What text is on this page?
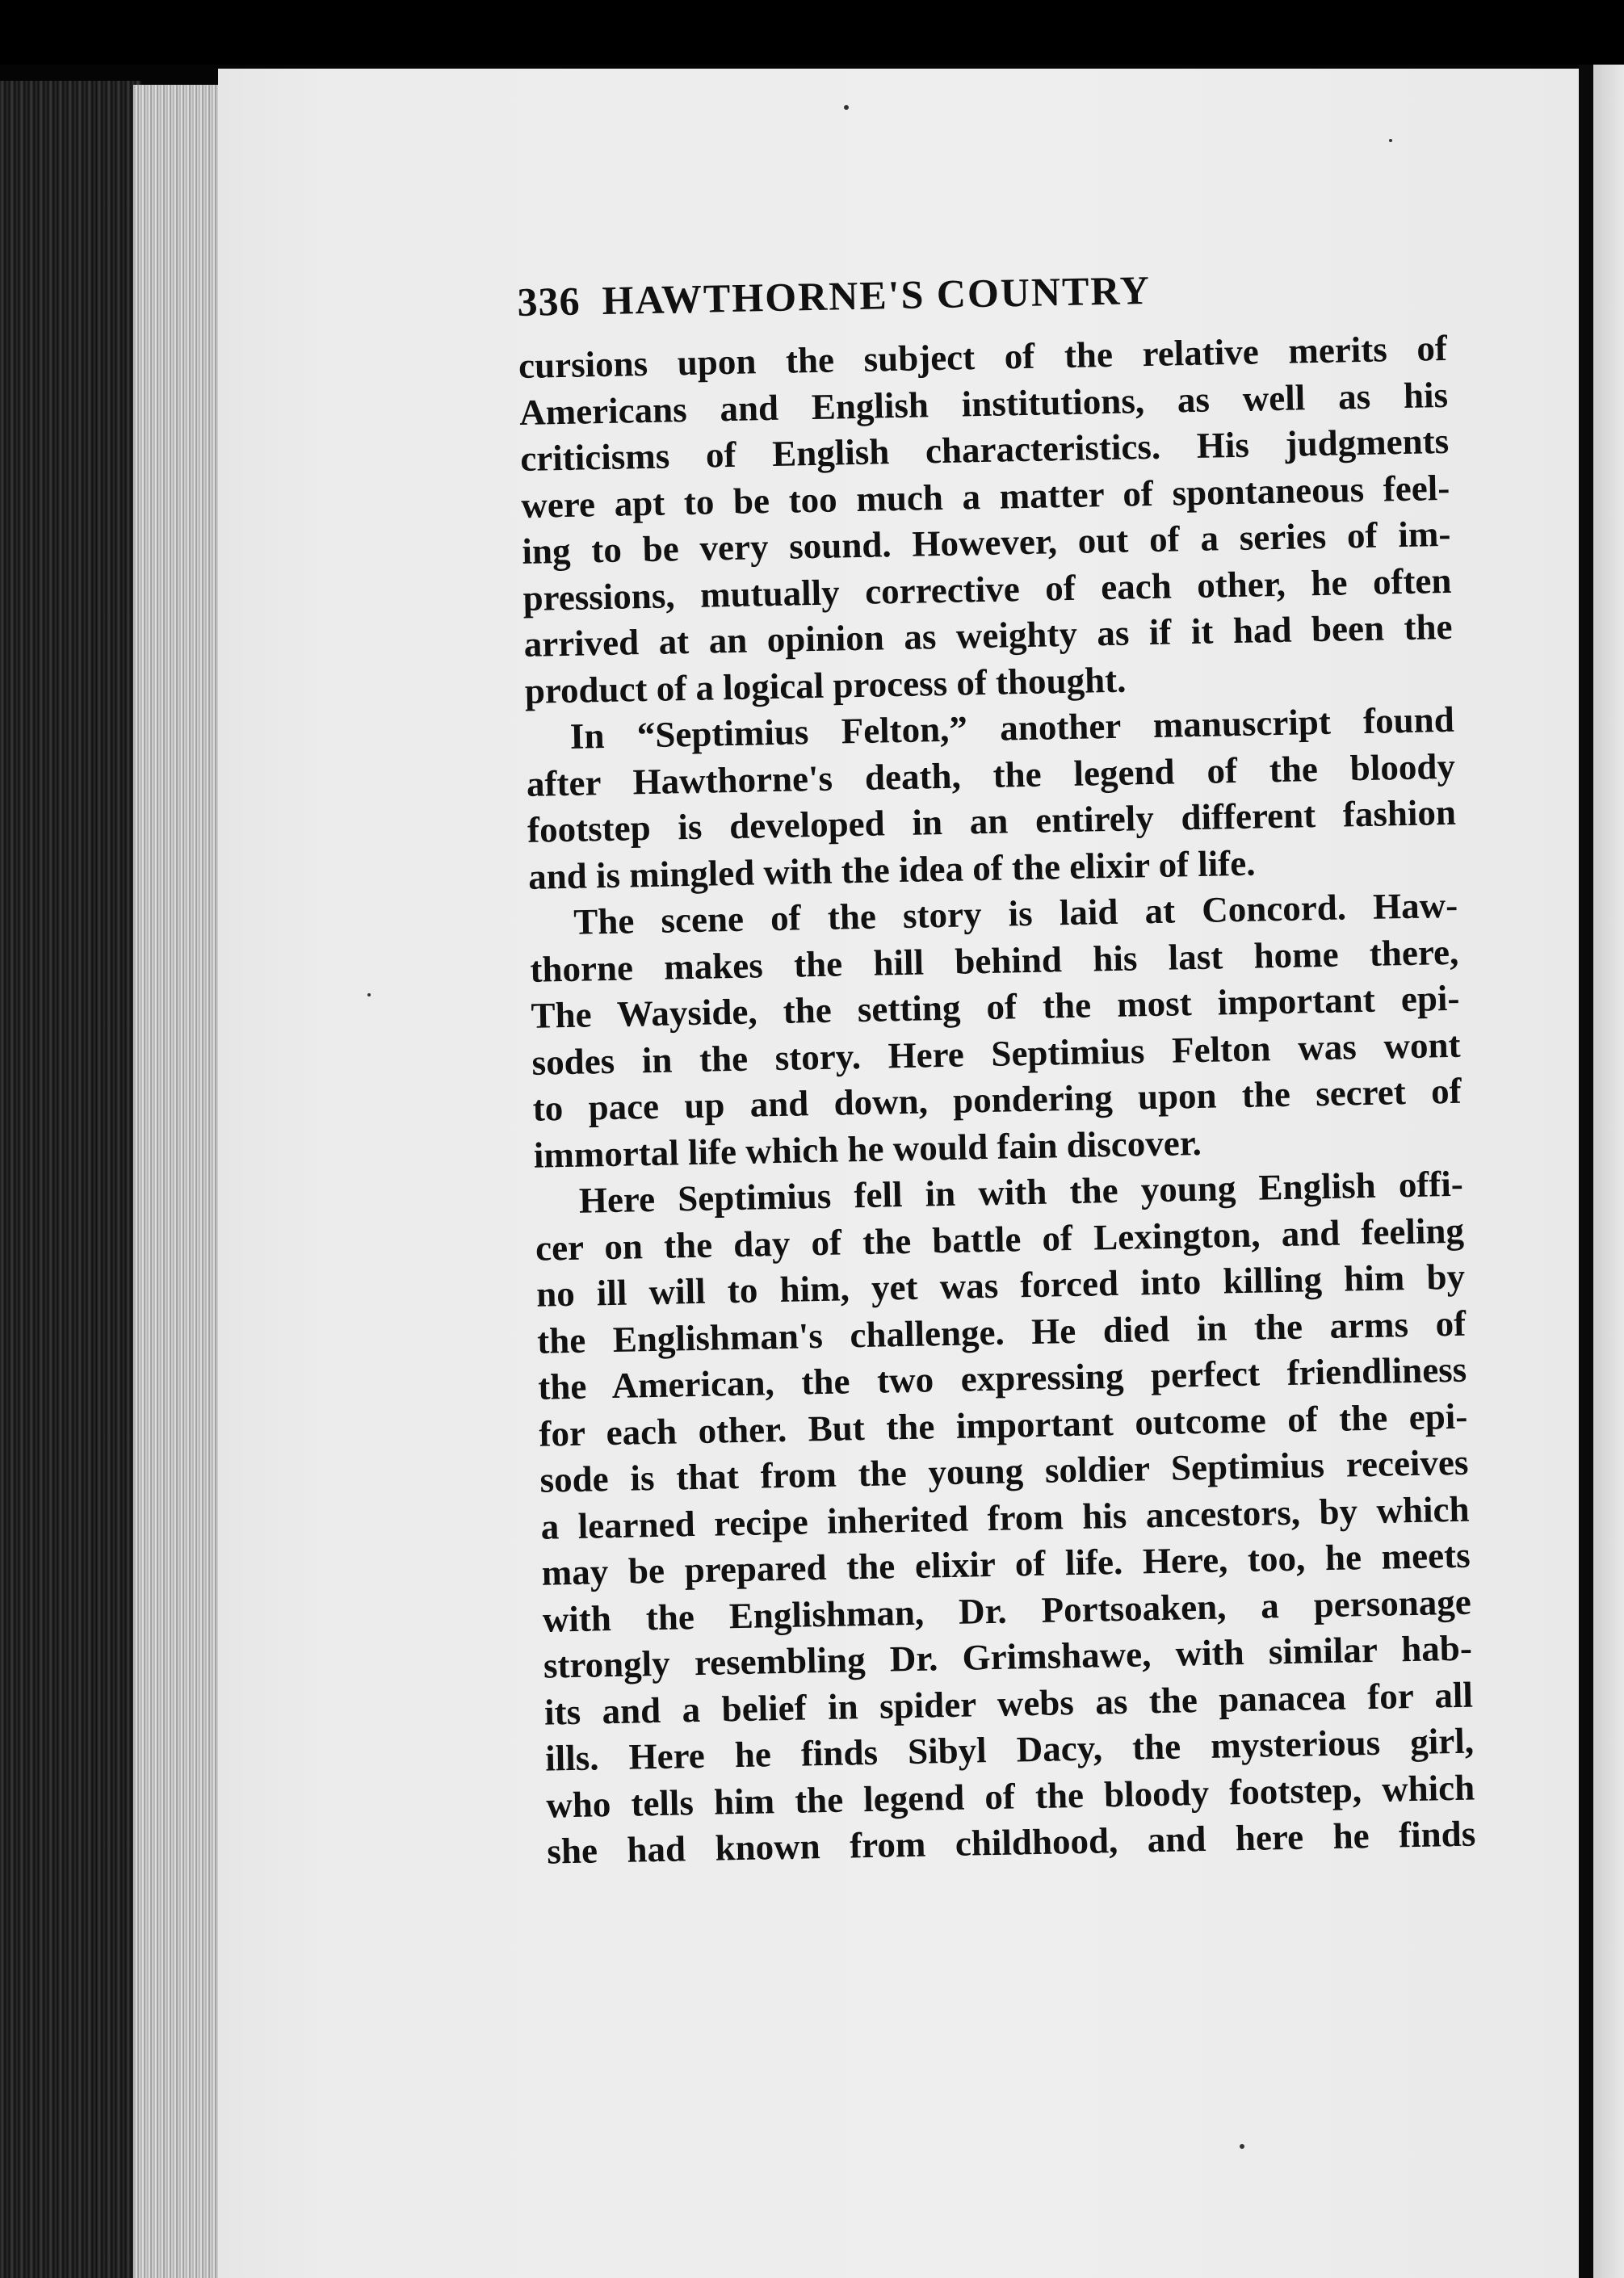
336 HAWTHORNE'S COUNTRY
cursions upon the subject of the relative merits of
Americans and English institutions, as well as his
criticisms of English characteristics. His judgments
were apt to be too much a matter of spontaneous feel-
ing to be very sound. However, out of a series of im-
pressions, mutually corrective of each other, he often
arrived at an opinion as weighty as if it had been the
product of a logical process of thought.
In “Septimius Felton,” another manuscript found
after Hawthorne's death, the legend of the bloody
footstep is developed in an entirely different fashion
and is mingled with the idea of the elixir of life.
The scene of the story is laid at Concord. Haw-
thorne makes the hill behind his last home there,
The Wayside, the setting of the most important epi-
sodes in the story. Here Septimius Felton was wont
to pace up and down, pondering upon the secret of
immortal life which he would fain discover.
Here Septimius fell in with the young English offi-
cer on the day of the battle of Lexington, and feeling
no ill will to him, yet was forced into killing him by
the Englishman's challenge. He died in the arms of
the American, the two expressing perfect friendliness
for each other. But the important outcome of the epi-
sode is that from the young soldier Septimius receives
a learned recipe inherited from his ancestors, by which
may be prepared the elixir of life. Here, too, he meets
with the Englishman, Dr. Portsoaken, a personage
strongly resembling Dr. Grimshawe, with similar hab-
its and a belief in spider webs as the panacea for all
ills. Here he finds Sibyl Dacy, the mysterious girl,
who tells him the legend of the bloody footstep, which
she had known from childhood, and here he finds
